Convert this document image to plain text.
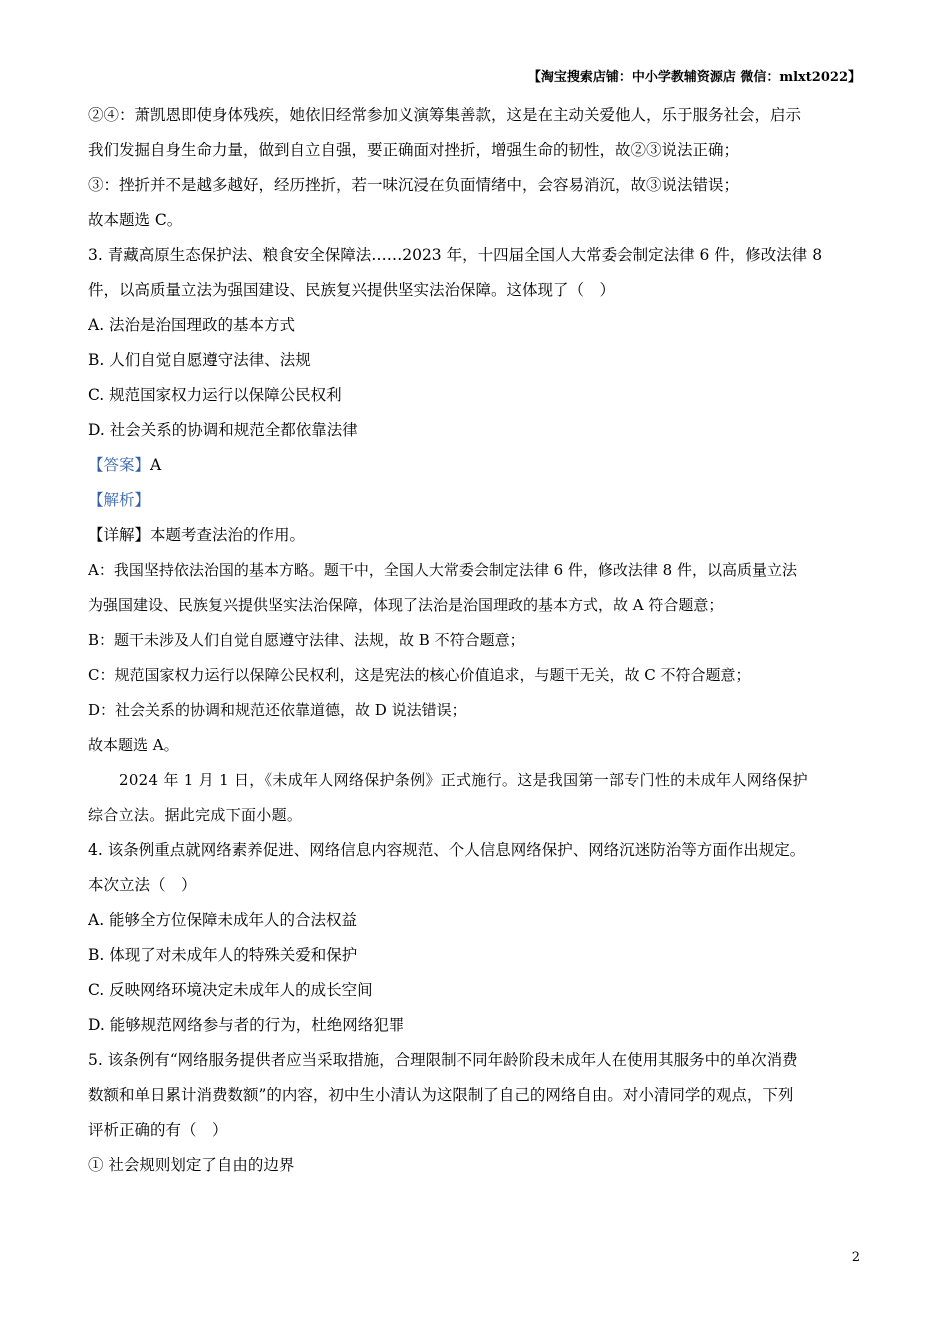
【淘宝搜索店铺：中小学教辅资源店 微信：mlxt2022】
②④：萧凯恩即使身体残疾，她依旧经常参加义演筹集善款，这是在主动关爱他人，乐于服务社会，启示
我们发掘自身生命力量，做到自立自强，要正确面对挫折，增强生命的韧性，故②③说法正确；
③：挫折并不是越多越好，经历挫折，若一味沉浸在负面情绪中，会容易消沉，故③说法错误；
故本题选 C。
3. 青藏高原生态保护法、粮食安全保障法……2023 年，十四届全国人大常委会制定法律 6 件，修改法律 8
件，以高质量立法为强国建设、民族复兴提供坚实法治保障。这体现了（　）
A. 法治是治国理政的基本方式
B. 人们自觉自愿遵守法律、法规
C. 规范国家权力运行以保障公民权利
D. 社会关系的协调和规范全都依靠法律
【答案】A
【解析】
【详解】本题考查法治的作用。
A：我国坚持依法治国的基本方略。题干中，全国人大常委会制定法律 6 件，修改法律 8 件，以高质量立法
为强国建设、民族复兴提供坚实法治保障，体现了法治是治国理政的基本方式，故 A 符合题意；
B：题干未涉及人们自觉自愿遵守法律、法规，故 B 不符合题意；
C：规范国家权力运行以保障公民权利，这是宪法的核心价值追求，与题干无关，故 C 不符合题意；
D：社会关系的协调和规范还依靠道德，故 D 说法错误；
故本题选 A。
2024 年 1 月 1 日，《未成年人网络保护条例》正式施行。这是我国第一部专门性的未成年人网络保护
综合立法。据此完成下面小题。
4. 该条例重点就网络素养促进、网络信息内容规范、个人信息网络保护、网络沉迷防治等方面作出规定。
本次立法（　）
A. 能够全方位保障未成年人的合法权益
B. 体现了对未成年人的特殊关爱和保护
C. 反映网络环境决定未成年人的成长空间
D. 能够规范网络参与者的行为，杜绝网络犯罪
5. 该条例有“网络服务提供者应当采取措施，合理限制不同年龄阶段未成年人在使用其服务中的单次消费
数额和单日累计消费数额”的内容，初中生小清认为这限制了自己的网络自由。对小清同学的观点，下列
评析正确的有（　）
① 社会规则划定了自由的边界
2
